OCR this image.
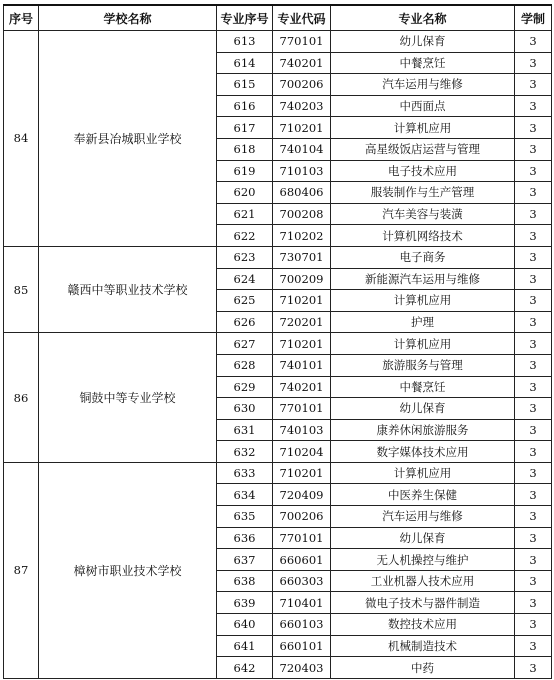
序号	学校名称	专业序号	专业代码	专业名称	学制
84	奉新县冶城职业学校	613	770101	幼儿保育	3
		614	740201	中餐烹饪	3
		615	700206	汽车运用与维修	3
		616	740203	中西面点	3
		617	710201	计算机应用	3
		618	740104	高星级饭店运营与管理	3
		619	710103	电子技术应用	3
		620	680406	服装制作与生产管理	3
		621	700208	汽车美容与装潢	3
		622	710202	计算机网络技术	3
85	赣西中等职业技术学校	623	730701	电子商务	3
		624	700209	新能源汽车运用与维修	3
		625	710201	计算机应用	3
		626	720201	护理	3
86	铜鼓中等专业学校	627	710201	计算机应用	3
		628	740101	旅游服务与管理	3
		629	740201	中餐烹饪	3
		630	770101	幼儿保育	3
		631	740103	康养休闲旅游服务	3
		632	710204	数字媒体技术应用	3
87	樟树市职业技术学校	633	710201	计算机应用	3
		634	720409	中医养生保健	3
		635	700206	汽车运用与维修	3
		636	770101	幼儿保育	3
		637	660601	无人机操控与维护	3
		638	660303	工业机器人技术应用	3
		639	710401	微电子技术与器件制造	3
		640	660103	数控技术应用	3
		641	660101	机械制造技术	3
		642	720403	中药	3
